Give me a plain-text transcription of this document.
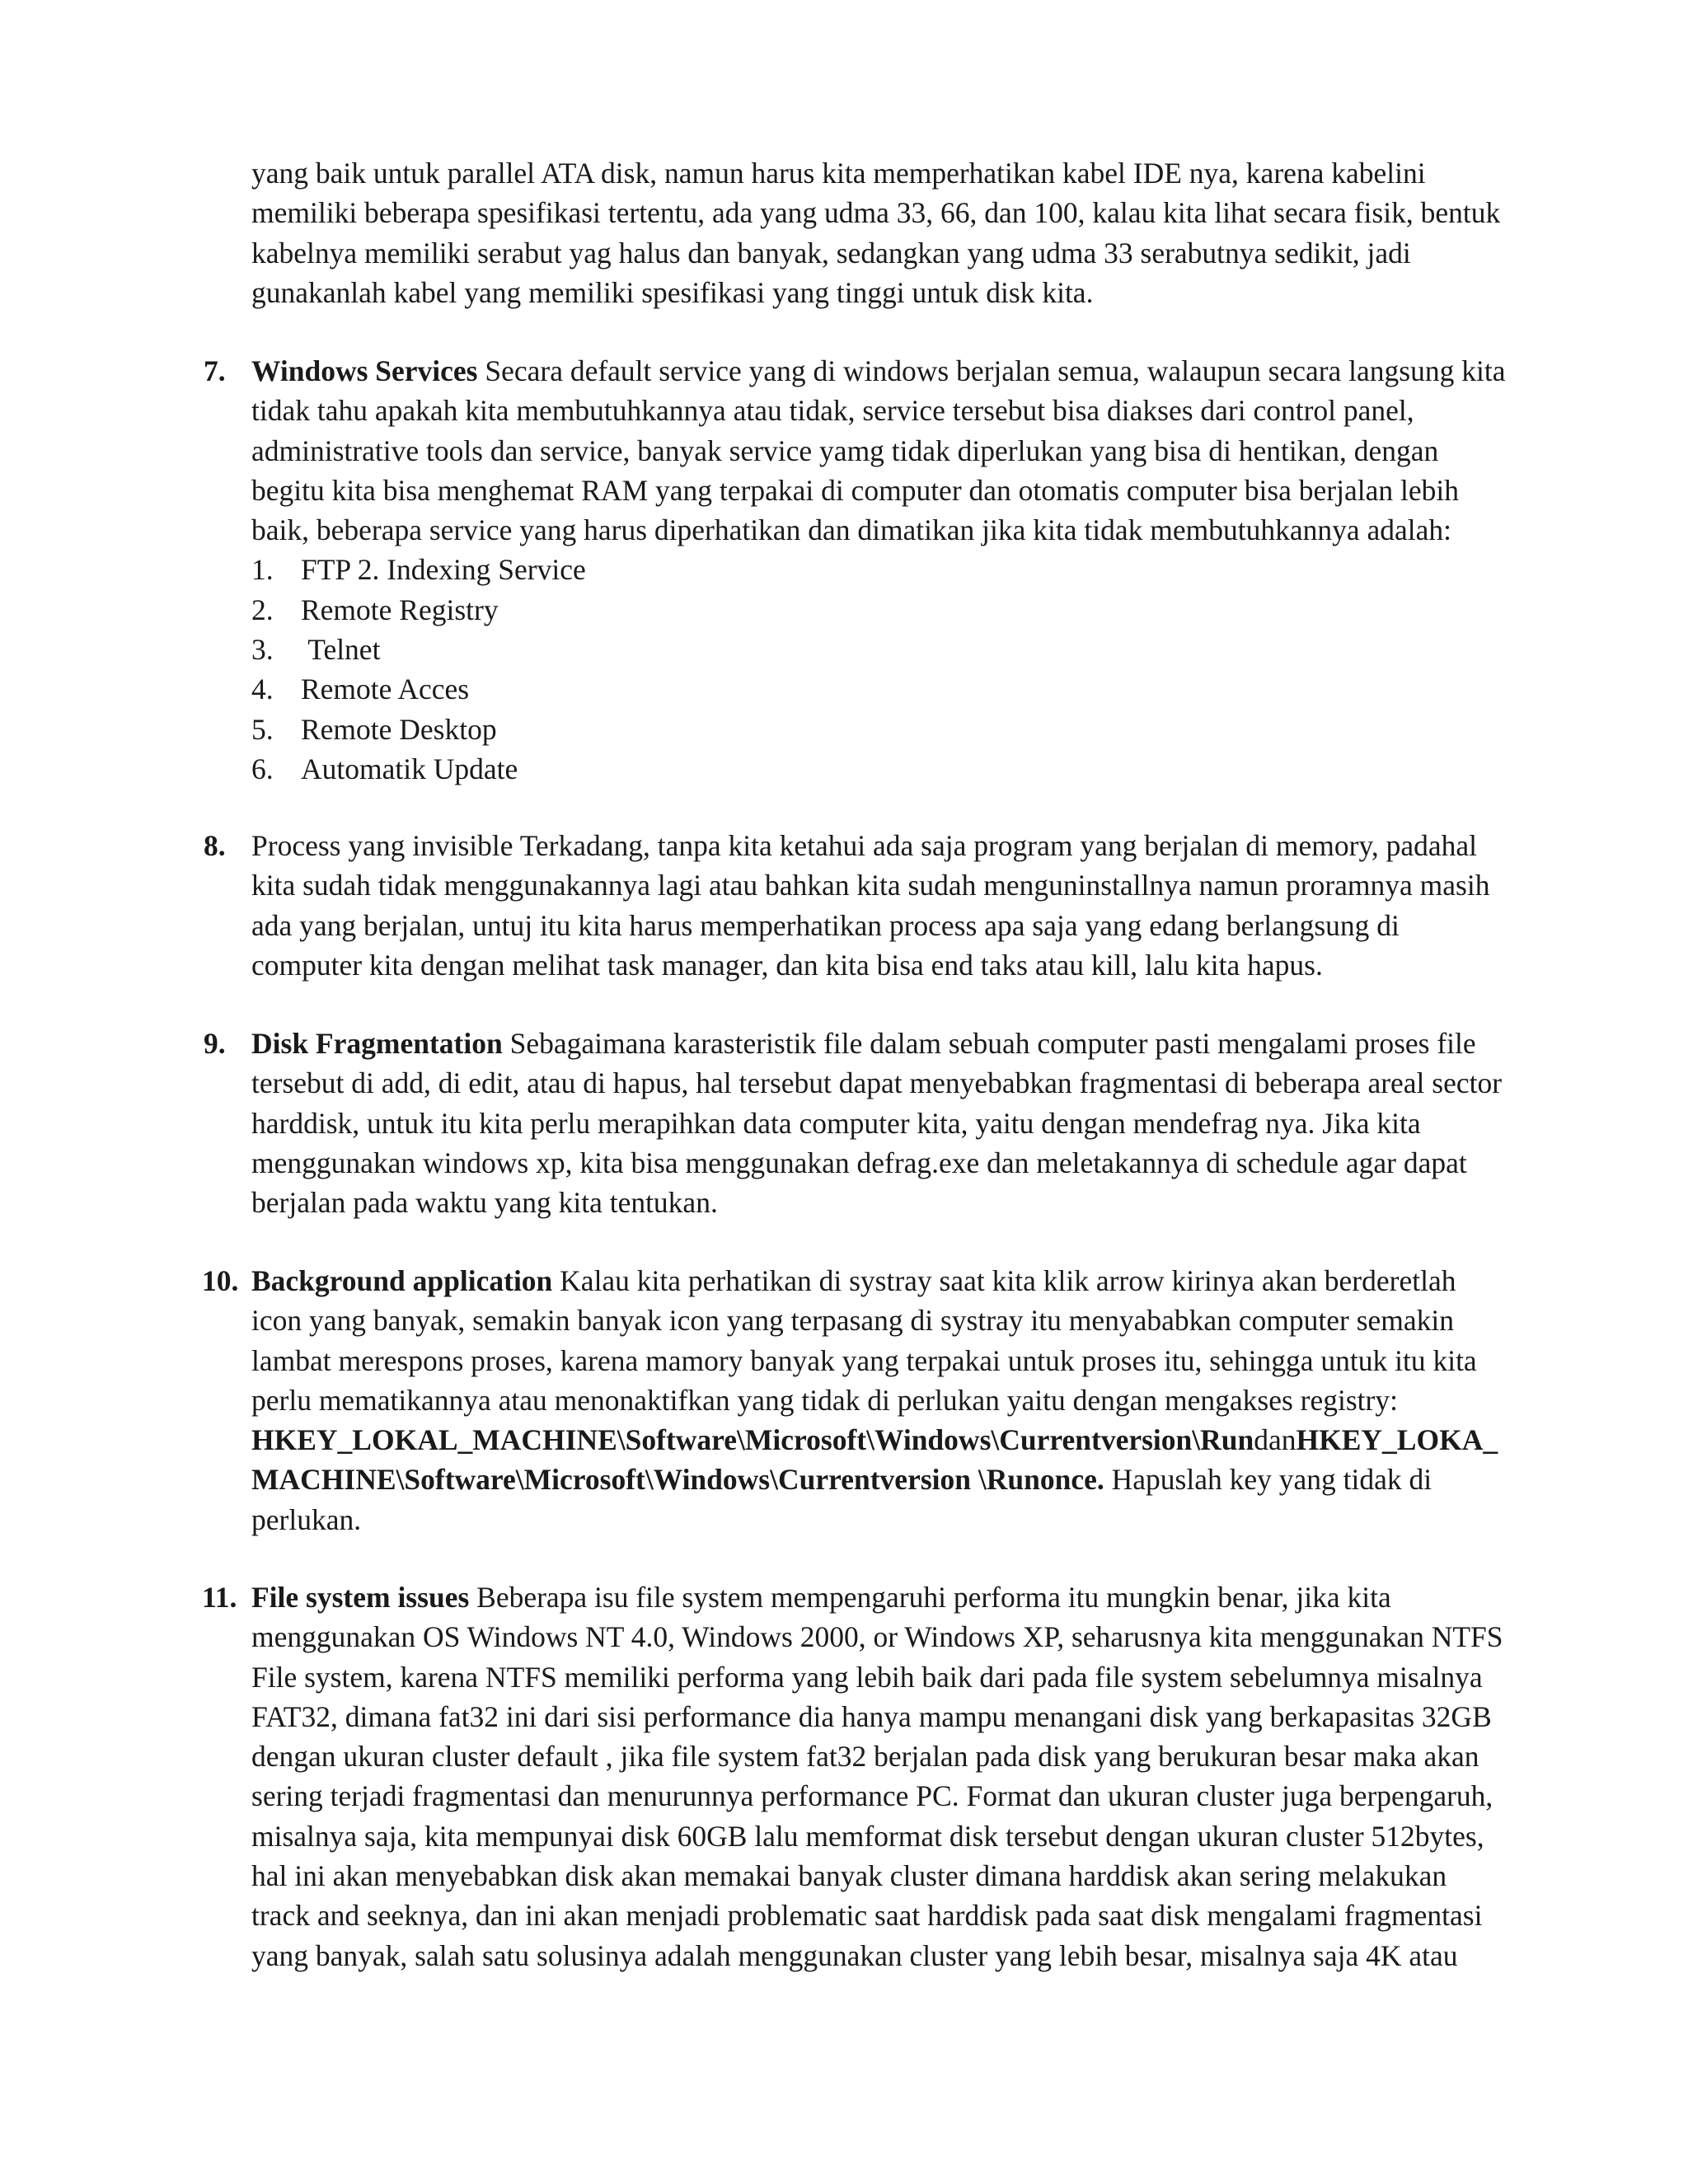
yang baik untuk parallel ATA disk, namun harus kita memperhatikan kabel IDE nya, karena kabelini
memiliki beberapa spesifikasi tertentu, ada yang udma 33, 66, dan 100, kalau kita lihat secara fisik, bentuk
kabelnya memiliki serabut yag halus dan banyak, sedangkan yang udma 33 serabutnya sedikit, jadi
gunakanlah kabel yang memiliki spesifikasi yang tinggi untuk disk kita.
7. Windows Services Secara default service yang di windows berjalan semua, walaupun secara langsung kita
tidak tahu apakah kita membutuhkannya atau tidak, service tersebut bisa diakses dari control panel,
administrative tools dan service, banyak service yamg tidak diperlukan yang bisa di hentikan, dengan
begitu kita bisa menghemat RAM yang terpakai di computer dan otomatis computer bisa berjalan lebih
baik, beberapa service yang harus diperhatikan dan dimatikan jika kita tidak membutuhkannya adalah:
1. FTP 2. Indexing Service
2. Remote Registry
3. Telnet
4. Remote Acces
5. Remote Desktop
6. Automatik Update
8. Process yang invisible Terkadang, tanpa kita ketahui ada saja program yang berjalan di memory, padahal
kita sudah tidak menggunakannya lagi atau bahkan kita sudah menguninstallnya namun proramnya masih
ada yang berjalan, untuj itu kita harus memperhatikan process apa saja yang edang berlangsung di
computer kita dengan melihat task manager, dan kita bisa end taks atau kill, lalu kita hapus.
9. Disk Fragmentation Sebagaimana karasteristik file dalam sebuah computer pasti mengalami proses file
tersebut di add, di edit, atau di hapus, hal tersebut dapat menyebabkan fragmentasi di beberapa areal sector
harddisk, untuk itu kita perlu merapihkan data computer kita, yaitu dengan mendefrag nya. Jika kita
menggunakan windows xp, kita bisa menggunakan defrag.exe dan meletakannya di schedule agar dapat
berjalan pada waktu yang kita tentukan.
10. Background application Kalau kita perhatikan di systray saat kita klik arrow kirinya akan berderetlah
icon yang banyak, semakin banyak icon yang terpasang di systray itu menyababkan computer semakin
lambat merespons proses, karena mamory banyak yang terpakai untuk proses itu, sehingga untuk itu kita
perlu mematikannya atau menonaktifkan yang tidak di perlukan yaitu dengan mengakses registry:
HKEY_LOKAL_MACHINE\Software\Microsoft\Windows\Currentversion\RundanHKEY_LOKA_
MACHINE\Software\Microsoft\Windows\Currentversion \Runonce. Hapuslah key yang tidak di
perlukan.
11. File system issues Beberapa isu file system mempengaruhi performa itu mungkin benar, jika kita
menggunakan OS Windows NT 4.0, Windows 2000, or Windows XP, seharusnya kita menggunakan NTFS
File system, karena NTFS memiliki performa yang lebih baik dari pada file system sebelumnya misalnya
FAT32, dimana fat32 ini dari sisi performance dia hanya mampu menangani disk yang berkapasitas 32GB
dengan ukuran cluster default , jika file system fat32 berjalan pada disk yang berukuran besar maka akan
sering terjadi fragmentasi dan menurunnya performance PC. Format dan ukuran cluster juga berpengaruh,
misalnya saja, kita mempunyai disk 60GB lalu memformat disk tersebut dengan ukuran cluster 512bytes,
hal ini akan menyebabkan disk akan memakai banyak cluster dimana harddisk akan sering melakukan
track and seeknya, dan ini akan menjadi problematic saat harddisk pada saat disk mengalami fragmentasi
yang banyak, salah satu solusinya adalah menggunakan cluster yang lebih besar, misalnya saja 4K atau
